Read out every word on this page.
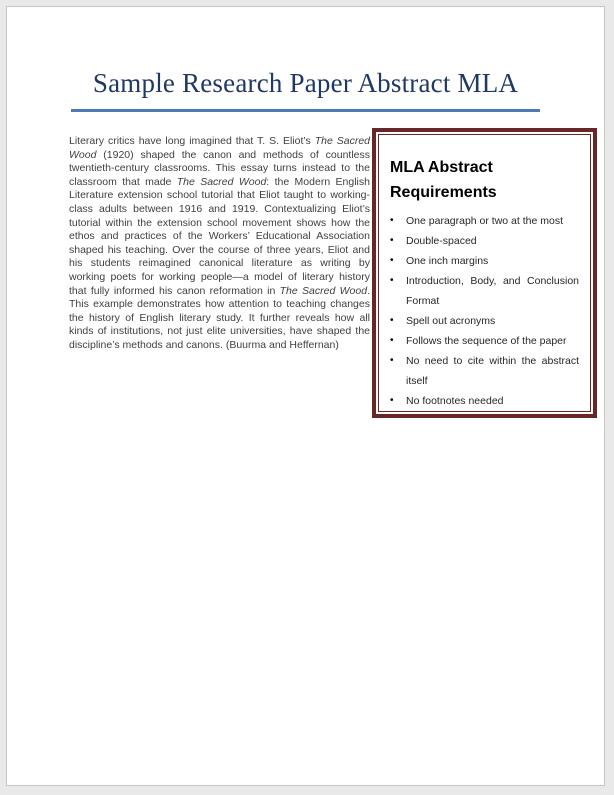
Sample Research Paper Abstract MLA

Literary critics have long imagined that T. S. Eliot’s The Sacred Wood (1920) shaped the canon and methods of countless twentieth-century classrooms. This essay turns instead to the classroom that made The Sacred Wood: the Modern English Literature extension school tutorial that Eliot taught to working-class adults between 1916 and 1919. Contextualizing Eliot’s tutorial within the extension school movement shows how the ethos and practices of the Workers’ Educational Association shaped his teaching. Over the course of three years, Eliot and his students reimagined canonical literature as writing by working poets for working people—a model of literary history that fully informed his canon reformation in The Sacred Wood. This example demonstrates how attention to teaching changes the history of English literary study. It further reveals how all kinds of institutions, not just elite universities, have shaped the discipline’s methods and canons. (Buurma and Heffernan)

MLA Abstract Requirements
•	One paragraph or two at the most
•	Double-spaced
•	One inch margins
•	Introduction, Body, and Conclusion Format
•	Spell out acronyms
•	Follows the sequence of the paper
•	No need to cite within the abstract itself
•	No footnotes needed
